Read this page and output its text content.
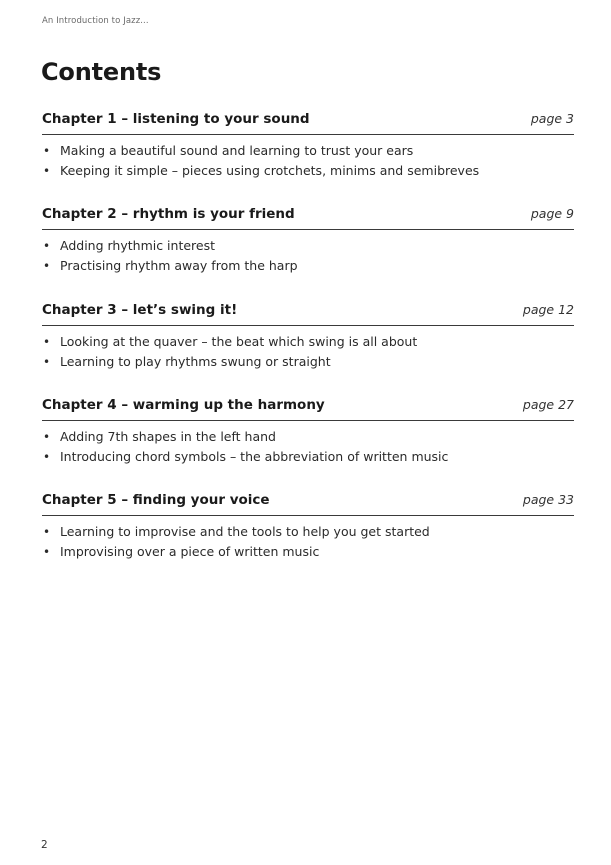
An Introduction to Jazz...
Contents
Chapter 1 – listening to your sound	page 3
• Making a beautiful sound and learning to trust your ears
• Keeping it simple – pieces using crotchets, minims and semibreves
Chapter 2 – rhythm is your friend	page 9
• Adding rhythmic interest
• Practising rhythm away from the harp
Chapter 3 – let’s swing it!	page 12
• Looking at the quaver – the beat which swing is all about
• Learning to play rhythms swung or straight
Chapter 4 – warming up the harmony	page 27
• Adding 7th shapes in the left hand
• Introducing chord symbols – the abbreviation of written music
Chapter 5 – finding your voice	page 33
• Learning to improvise and the tools to help you get started
• Improvising over a piece of written music
2
